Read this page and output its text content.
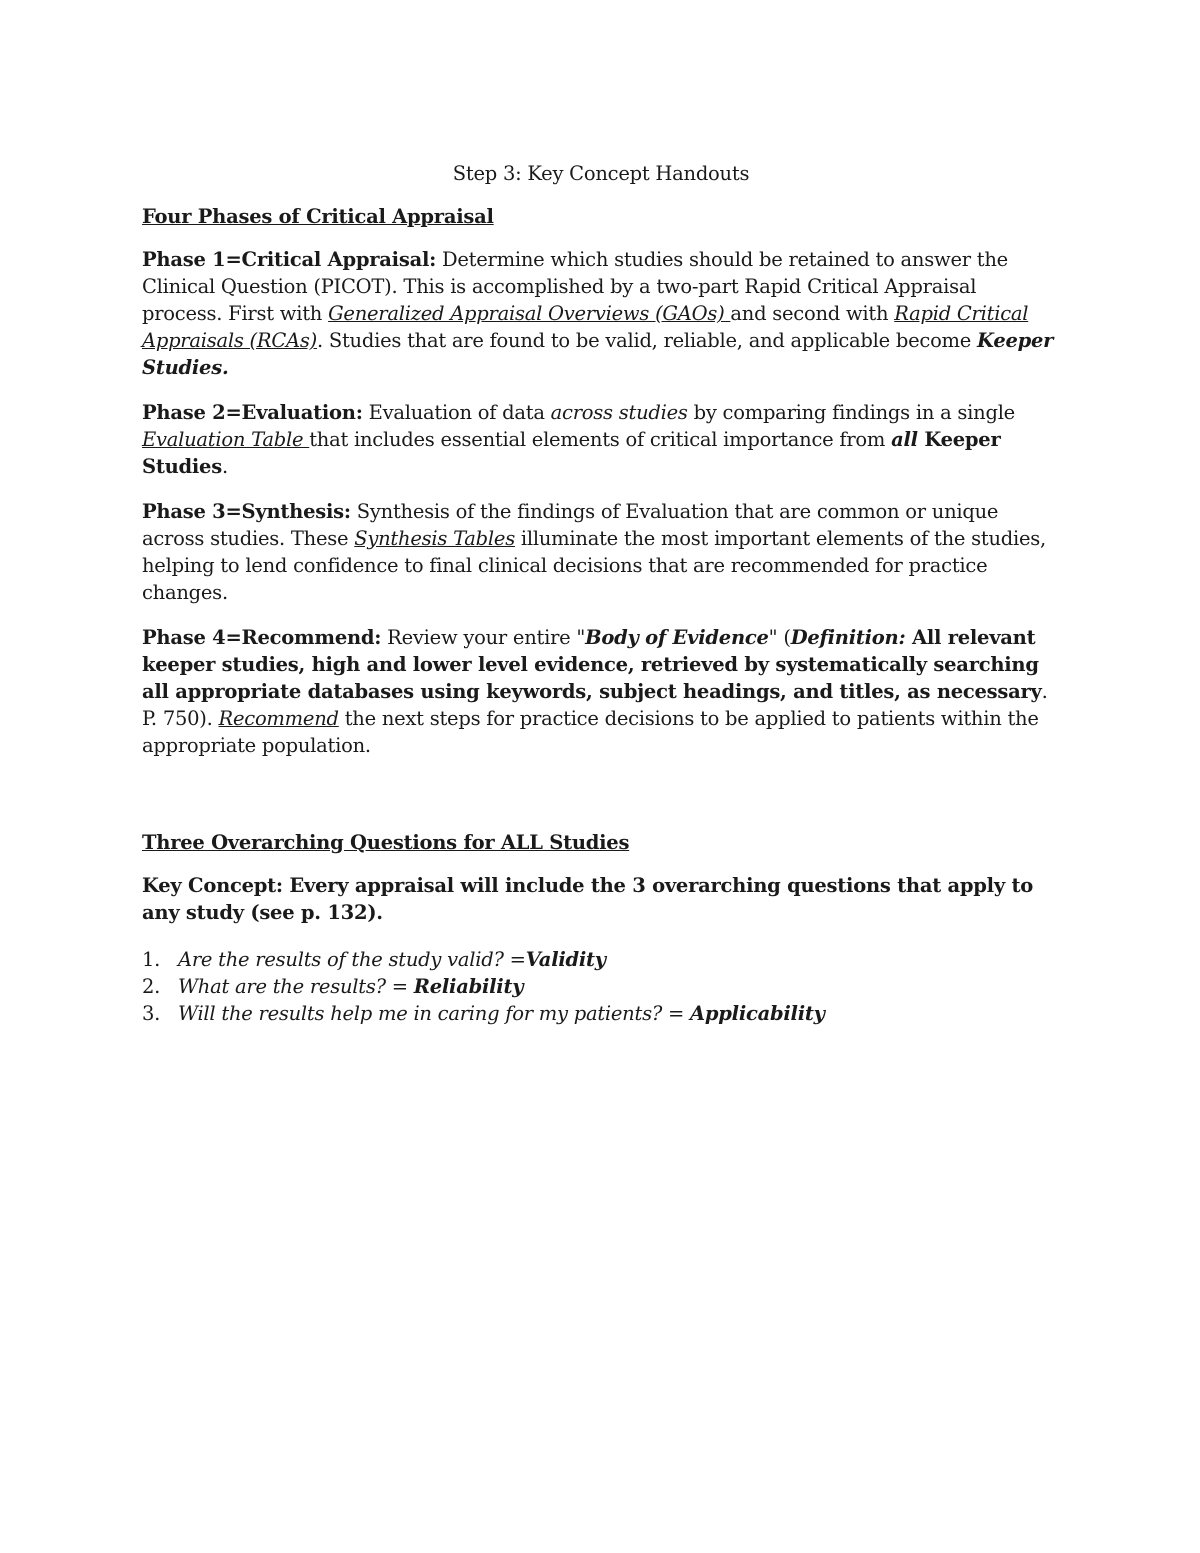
Step 3: Key Concept Handouts
Four Phases of Critical Appraisal

Phase 1=Critical Appraisal: Determine which studies should be retained to answer the Clinical Question (PICOT). This is accomplished by a two-part Rapid Critical Appraisal process. First with Generalized Appraisal Overviews (GAOs) and second with Rapid Critical Appraisals (RCAs). Studies that are found to be valid, reliable, and applicable become Keeper Studies.

Phase 2=Evaluation: Evaluation of data across studies by comparing findings in a single Evaluation Table that includes essential elements of critical importance from all Keeper Studies.

Phase 3=Synthesis: Synthesis of the findings of Evaluation that are common or unique across studies. These Synthesis Tables illuminate the most important elements of the studies, helping to lend confidence to final clinical decisions that are recommended for practice changes.

Phase 4=Recommend: Review your entire "Body of Evidence" (Definition: All relevant keeper studies, high and lower level evidence, retrieved by systematically searching all appropriate databases using keywords, subject headings, and titles, as necessary. P. 750). Recommend the next steps for practice decisions to be applied to patients within the appropriate population.

Three Overarching Questions for ALL Studies

Key Concept: Every appraisal will include the 3 overarching questions that apply to any study (see p. 132).

1. Are the results of the study valid? =Validity
2. What are the results? = Reliability
3. Will the results help me in caring for my patients? = Applicability
